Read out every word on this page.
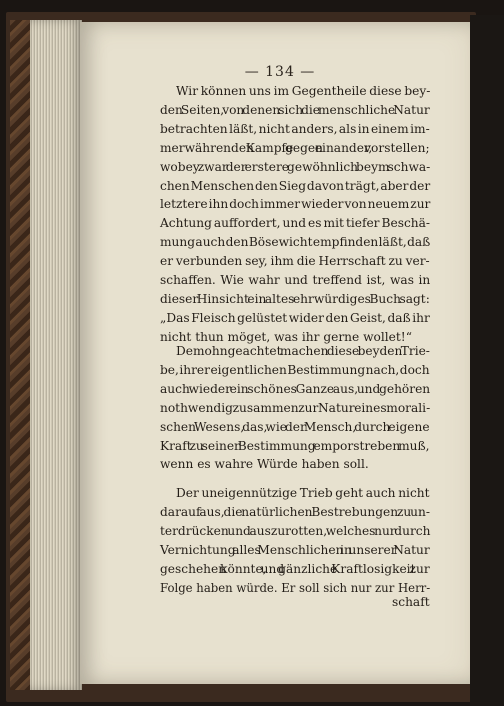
— 134 —
Wir können uns im Gegentheile diese bey-
den Seiten, von denen sich die menschliche Natur
betrachten läßt, nicht anders, als in einem im-
merwährenden Kampfe gegen einander, vorstellen;
wobey zwar der erstere gewöhnlich beym schwa-
chen Menschen den Sieg davon trägt, aber der
letztere ihn doch immer wieder von neuem zur
Achtung auffordert, und es mit tiefer Beschä-
mung auch den Bösewicht empfinden läßt, daß
er verbunden sey, ihm die Herrschaft zu ver-
schaffen. Wie wahr und treffend ist, was in
dieser Hinsicht ein altes ehrwürdiges Buch sagt:
„Das Fleisch gelüstet wider den Geist, daß ihr
nicht thun möget, was ihr gerne wollet!“
Demohngeachtet machen diese beyden Trie-
be, ihrer eigentlichen Bestimmung nach, doch
auch wieder ein schönes Ganze aus, und gehören
nothwendig zusammen zur Natur eines morali-
schen Wesens, das, wie der Mensch, durch eigene
Kraft zu seiner Bestimmung emporstreben muß,
wenn es wahre Würde haben soll.
Der uneigennützige Trieb geht auch nicht
darauf aus, die natürlichen Bestrebungen zu un-
terdrücken und auszurotten, welches nur durch
Vernichtung alles Menschlichen in unserer Natur
geschehen könnte, und gänzliche Kraftlosigkeit zur
Folge haben würde. Er soll sich nur zur Herr-
schaft
